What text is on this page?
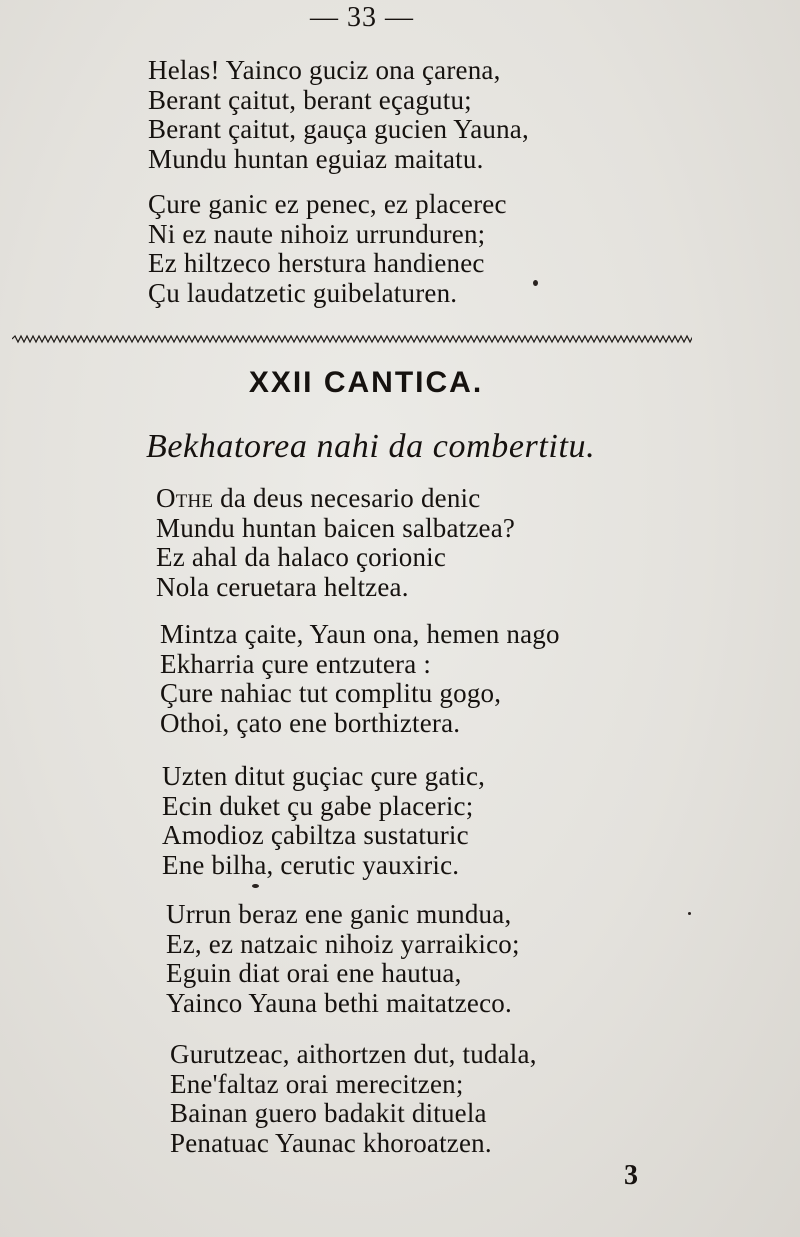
— 33 —
Helas! Yainco guciz ona çarena,
Berant çaitut, berant eçagutu;
Berant çaitut, gauça gucien Yauna,
Mundu huntan eguiaz maitatu.
Çure ganic ez penec, ez placerec
Ni ez naute nihoiz urrunduren;
Ez hiltzeco herstura handienec
Çu laudatzetic guibelaturen.
XXII CANTICA.
Bekhatorea nahi da combertitu.
Othe da deus necesario denic
Mundu huntan baicen salbatzea?
Ez ahal da halaco çorionic
Nola ceruetara heltzea.
Mintza çaite, Yaun ona, hemen nago
Ekharria çure entzutera :
Çure nahiac tut complitu gogo,
Othoi, çato ene borthiztera.
Uzten ditut guçiac çure gatic,
Ecin duket çu gabe placeric;
Amodioz çabiltza sustaturic
Ene bilha, cerutic yauxiric.
Urrun beraz ene ganic mundua,
Ez, ez natzaic nihoiz yarraikico;
Eguin diat orai ene hautua,
Yainco Yauna bethi maitatzeco.
Gurutzeac, aithortzen dut, tudala,
Ene'faltaz orai merecitzen;
Bainan guero badakit dituela
Penatuac Yaunac khoroatzen.
3
